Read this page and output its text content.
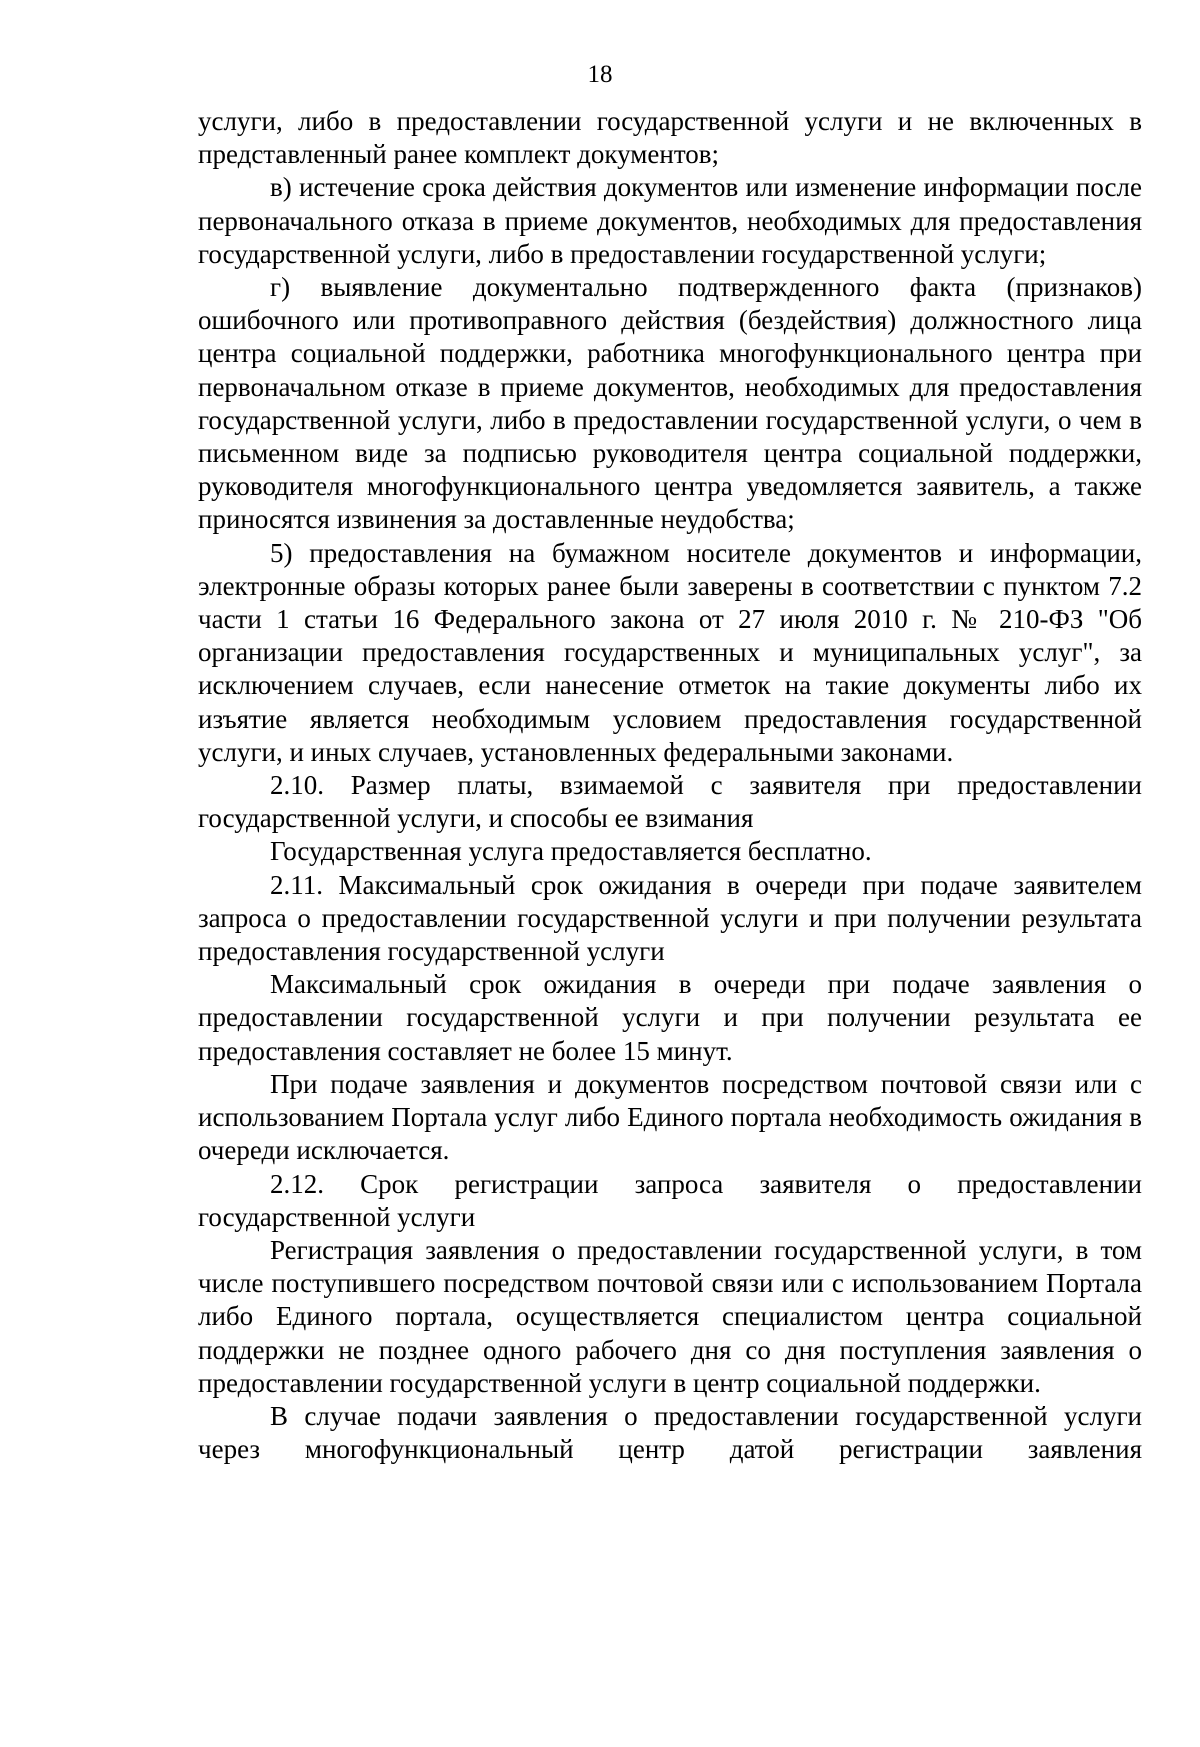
18

услуги, либо в предоставлении государственной услуги и не включенных в представленный ранее комплект документов;

в) истечение срока действия документов или изменение информации после первоначального отказа в приеме документов, необходимых для предоставления государственной услуги, либо в предоставлении государственной услуги;

г) выявление документально подтвержденного факта (признаков) ошибочного или противоправного действия (бездействия) должностного лица центра социальной поддержки, работника многофункционального центра при первоначальном отказе в приеме документов, необходимых для предоставления государственной услуги, либо в предоставлении государственной услуги, о чем в письменном виде за подписью руководителя центра социальной поддержки, руководителя многофункционального центра уведомляется заявитель, а также приносятся извинения за доставленные неудобства;

5) предоставления на бумажном носителе документов и информации, электронные образы которых ранее были заверены в соответствии с пунктом 7.2 части 1 статьи 16 Федерального закона от 27 июля 2010 г. № 210-ФЗ "Об организации предоставления государственных и муниципальных услуг", за исключением случаев, если нанесение отметок на такие документы либо их изъятие является необходимым условием предоставления государственной услуги, и иных случаев, установленных федеральными законами.

2.10. Размер платы, взимаемой с заявителя при предоставлении государственной услуги, и способы ее взимания

Государственная услуга предоставляется бесплатно.

2.11. Максимальный срок ожидания в очереди при подаче заявителем запроса о предоставлении государственной услуги и при получении результата предоставления государственной услуги

Максимальный срок ожидания в очереди при подаче заявления о предоставлении государственной услуги и при получении результата ее предоставления составляет не более 15 минут.

При подаче заявления и документов посредством почтовой связи или с использованием Портала услуг либо Единого портала необходимость ожидания в очереди исключается.

2.12. Срок регистрации запроса заявителя о предоставлении государственной услуги

Регистрация заявления о предоставлении государственной услуги, в том числе поступившего посредством почтовой связи или с использованием Портала либо Единого портала, осуществляется специалистом центра социальной поддержки не позднее одного рабочего дня со дня поступления заявления о предоставлении государственной услуги в центр социальной поддержки.

В случае подачи заявления о предоставлении государственной услуги через многофункциональный центр датой регистрации заявления
